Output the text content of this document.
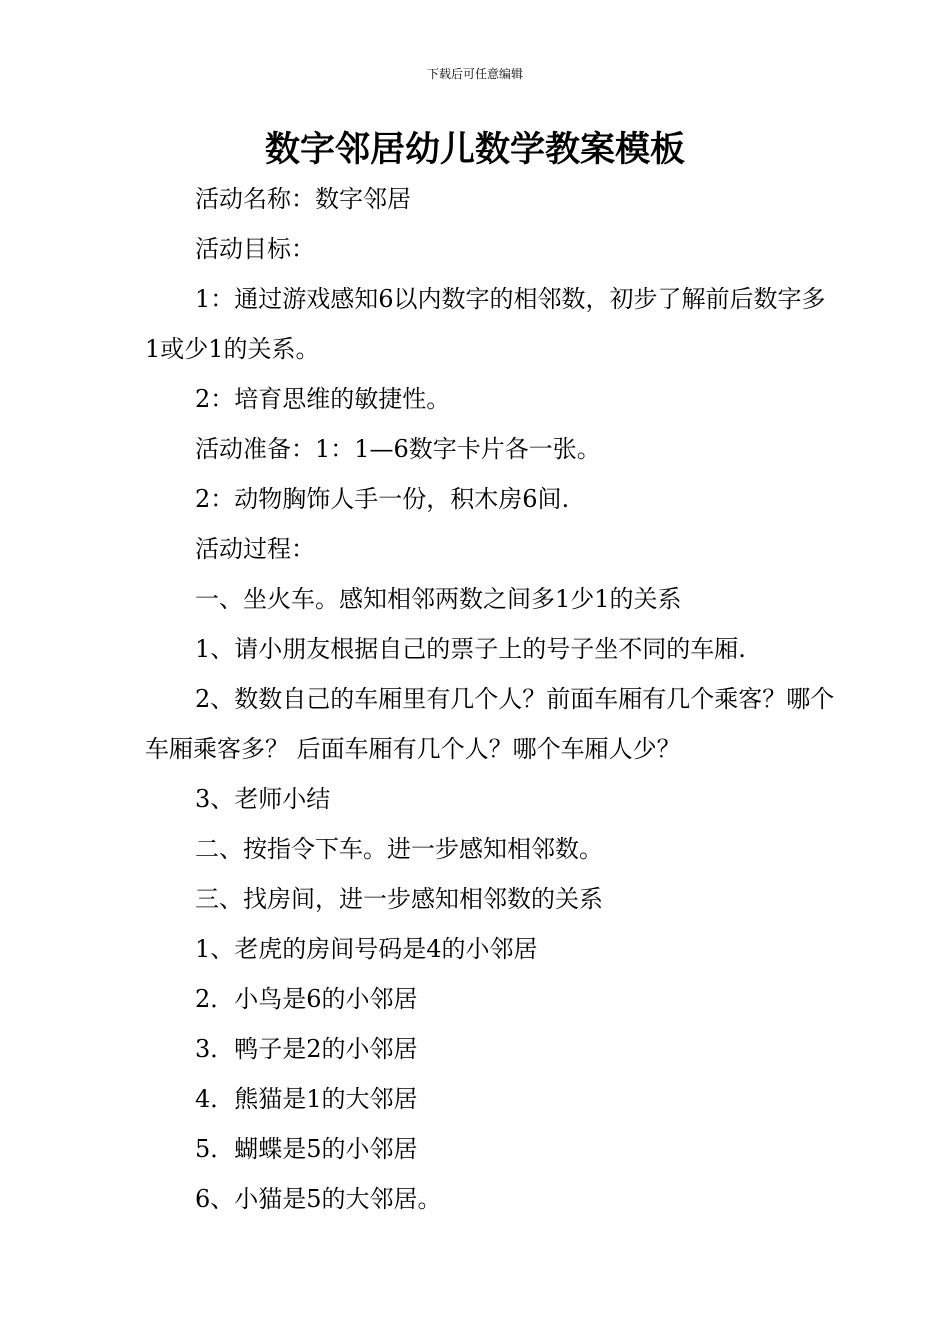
下载后可任意编辑
数字邻居幼儿数学教案模板

活动名称：数字邻居

活动目标：

1：通过游戏感知6以内数字的相邻数，初步了解前后数字多1或少1的关系。

2：培育思维的敏捷性。

活动准备：1：1—6数字卡片各一张。

2：动物胸饰人手一份，积木房6间.

活动过程：

一、坐火车。感知相邻两数之间多1少1的关系

1、请小朋友根据自己的票子上的号子坐不同的车厢.

2、数数自己的车厢里有几个人？前面车厢有几个乘客？哪个车厢乘客多？ 后面车厢有几个人？哪个车厢人少？

3、老师小结

二、按指令下车。进一步感知相邻数。

三、找房间，进一步感知相邻数的关系

1、老虎的房间号码是4的小邻居

2．小鸟是6的小邻居

3．鸭子是2的小邻居

4．熊猫是1的大邻居

5．蝴蝶是5的小邻居

6、小猫是5的大邻居。
